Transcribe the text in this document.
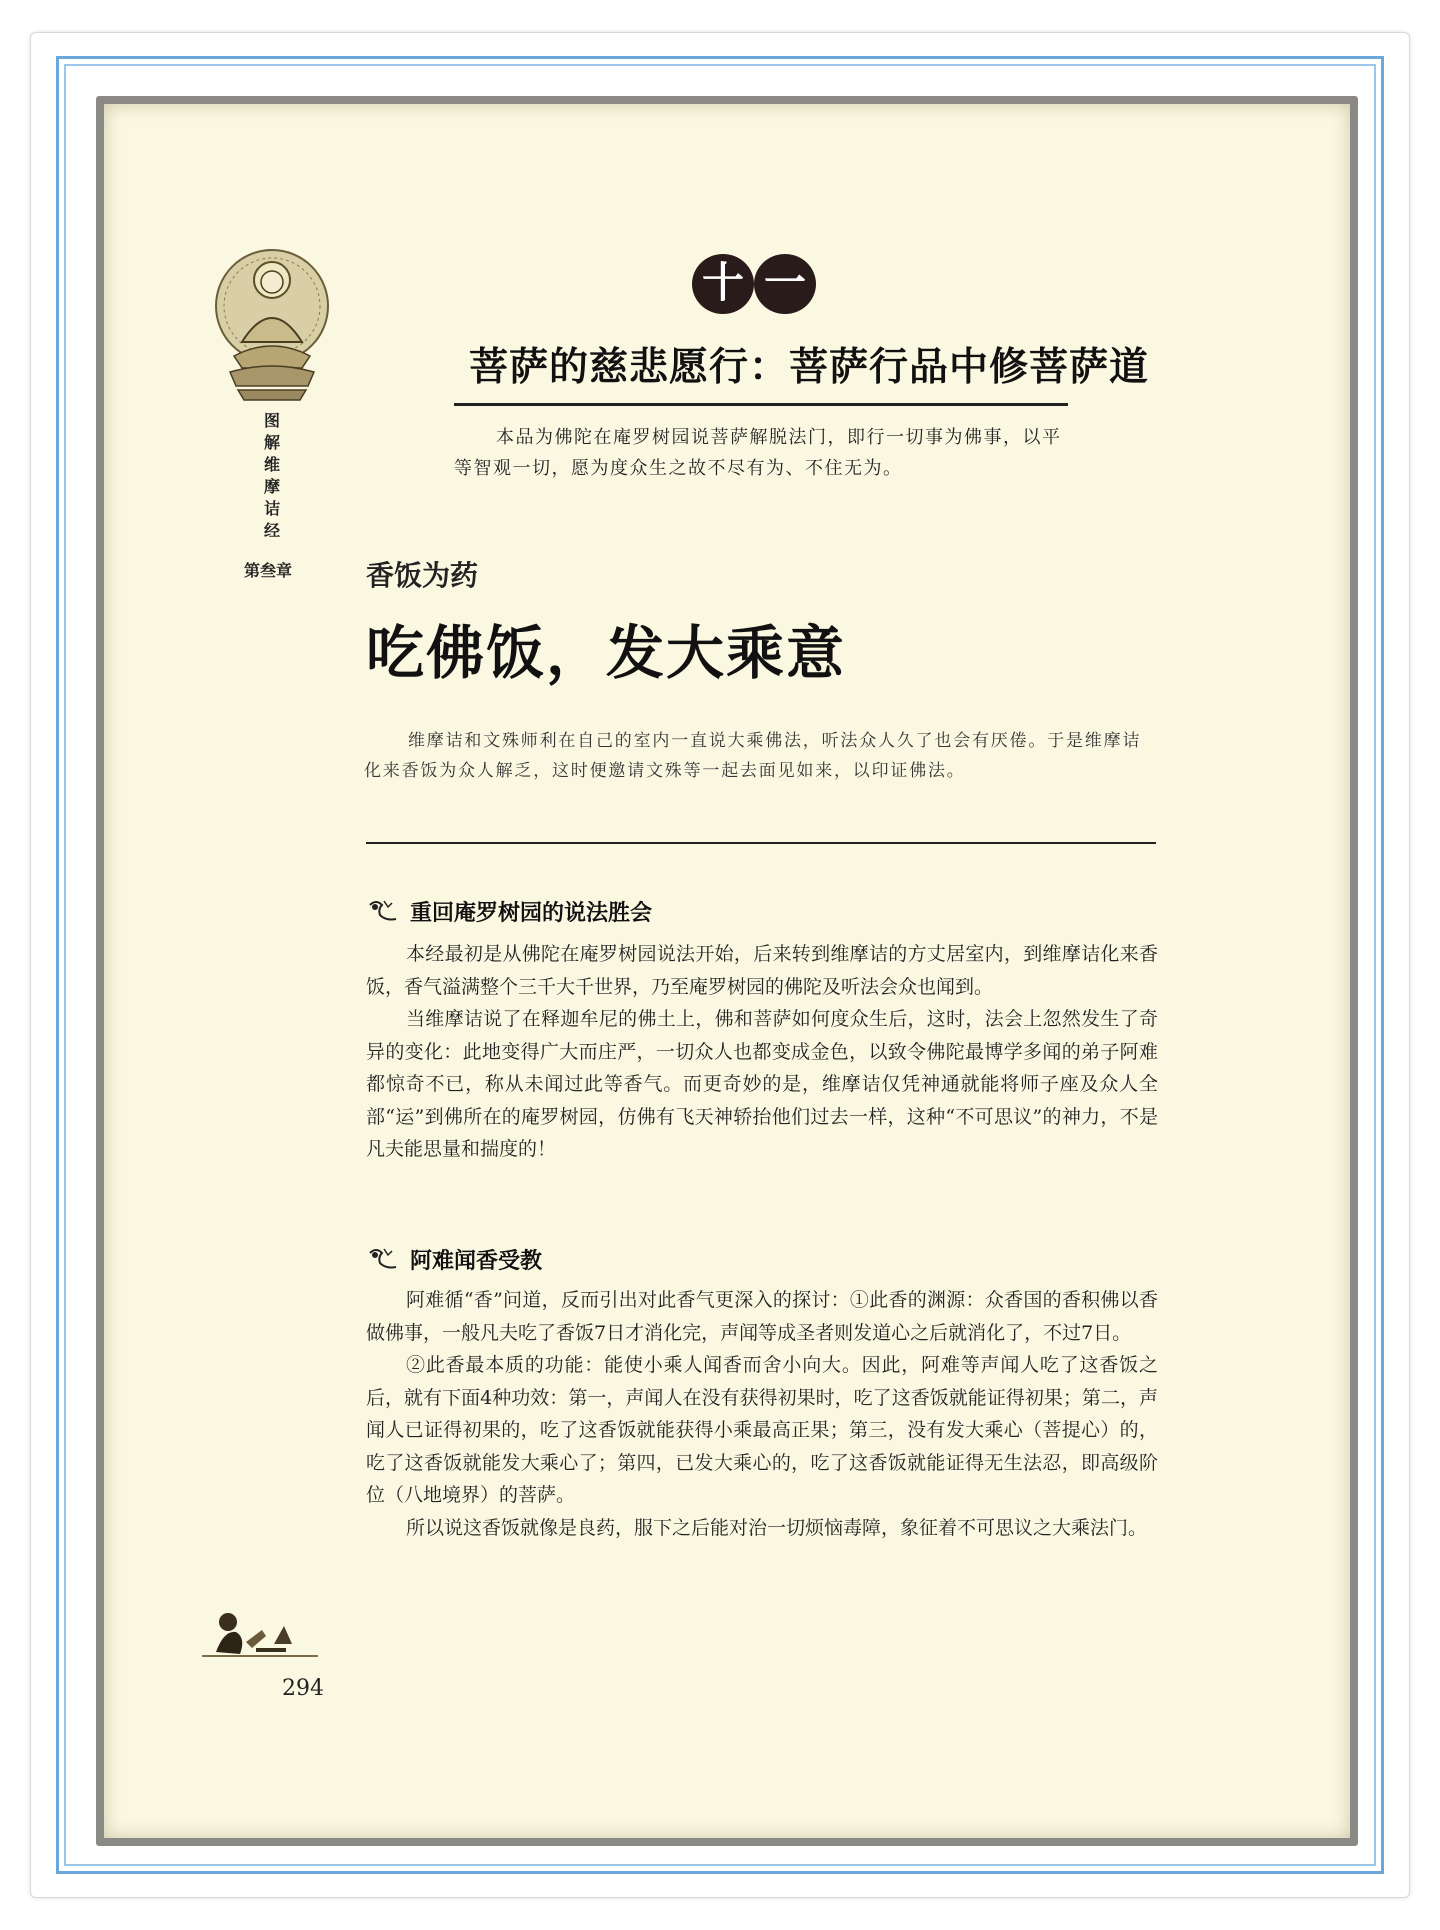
图
解
维
摩
诘
经
第叁章
十 一
菩萨的慈悲愿行：菩萨行品中修菩萨道
本品为佛陀在庵罗树园说菩萨解脱法门，即行一切事为佛事，以平等智观一切，愿为度众生之故不尽有为、不住无为。
香饭为药
吃佛饭，发大乘意
维摩诘和文殊师利在自己的室内一直说大乘佛法，听法众人久了也会有厌倦。于是维摩诘化来香饭为众人解乏，这时便邀请文殊等一起去面见如来，以印证佛法。
重回庵罗树园的说法胜会

本经最初是从佛陀在庵罗树园说法开始，后来转到维摩诘的方丈居室内，到维摩诘化来香饭，香气溢满整个三千大千世界，乃至庵罗树园的佛陀及听法会众也闻到。

当维摩诘说了在释迦牟尼的佛土上，佛和菩萨如何度众生后，这时，法会上忽然发生了奇异的变化：此地变得广大而庄严，一切众人也都变成金色，以致令佛陀最博学多闻的弟子阿难都惊奇不已，称从未闻过此等香气。而更奇妙的是，维摩诘仅凭神通就能将师子座及众人全部“运”到佛所在的庵罗树园，仿佛有飞天神轿抬他们过去一样，这种“不可思议”的神力，不是凡夫能思量和揣度的！

阿难闻香受教

阿难循“香”问道，反而引出对此香气更深入的探讨：①此香的渊源：众香国的香积佛以香做佛事，一般凡夫吃了香饭7日才消化完，声闻等成圣者则发道心之后就消化了，不过7日。

②此香最本质的功能：能使小乘人闻香而舍小向大。因此，阿难等声闻人吃了这香饭之后，就有下面4种功效：第一，声闻人在没有获得初果时，吃了这香饭就能证得初果；第二，声闻人已证得初果的，吃了这香饭就能获得小乘最高正果；第三，没有发大乘心（菩提心）的，吃了这香饭就能发大乘心了；第四，已发大乘心的，吃了这香饭就能证得无生法忍，即高级阶位（八地境界）的菩萨。

所以说这香饭就像是良药，服下之后能对治一切烦恼毒障，象征着不可思议之大乘法门。

294
